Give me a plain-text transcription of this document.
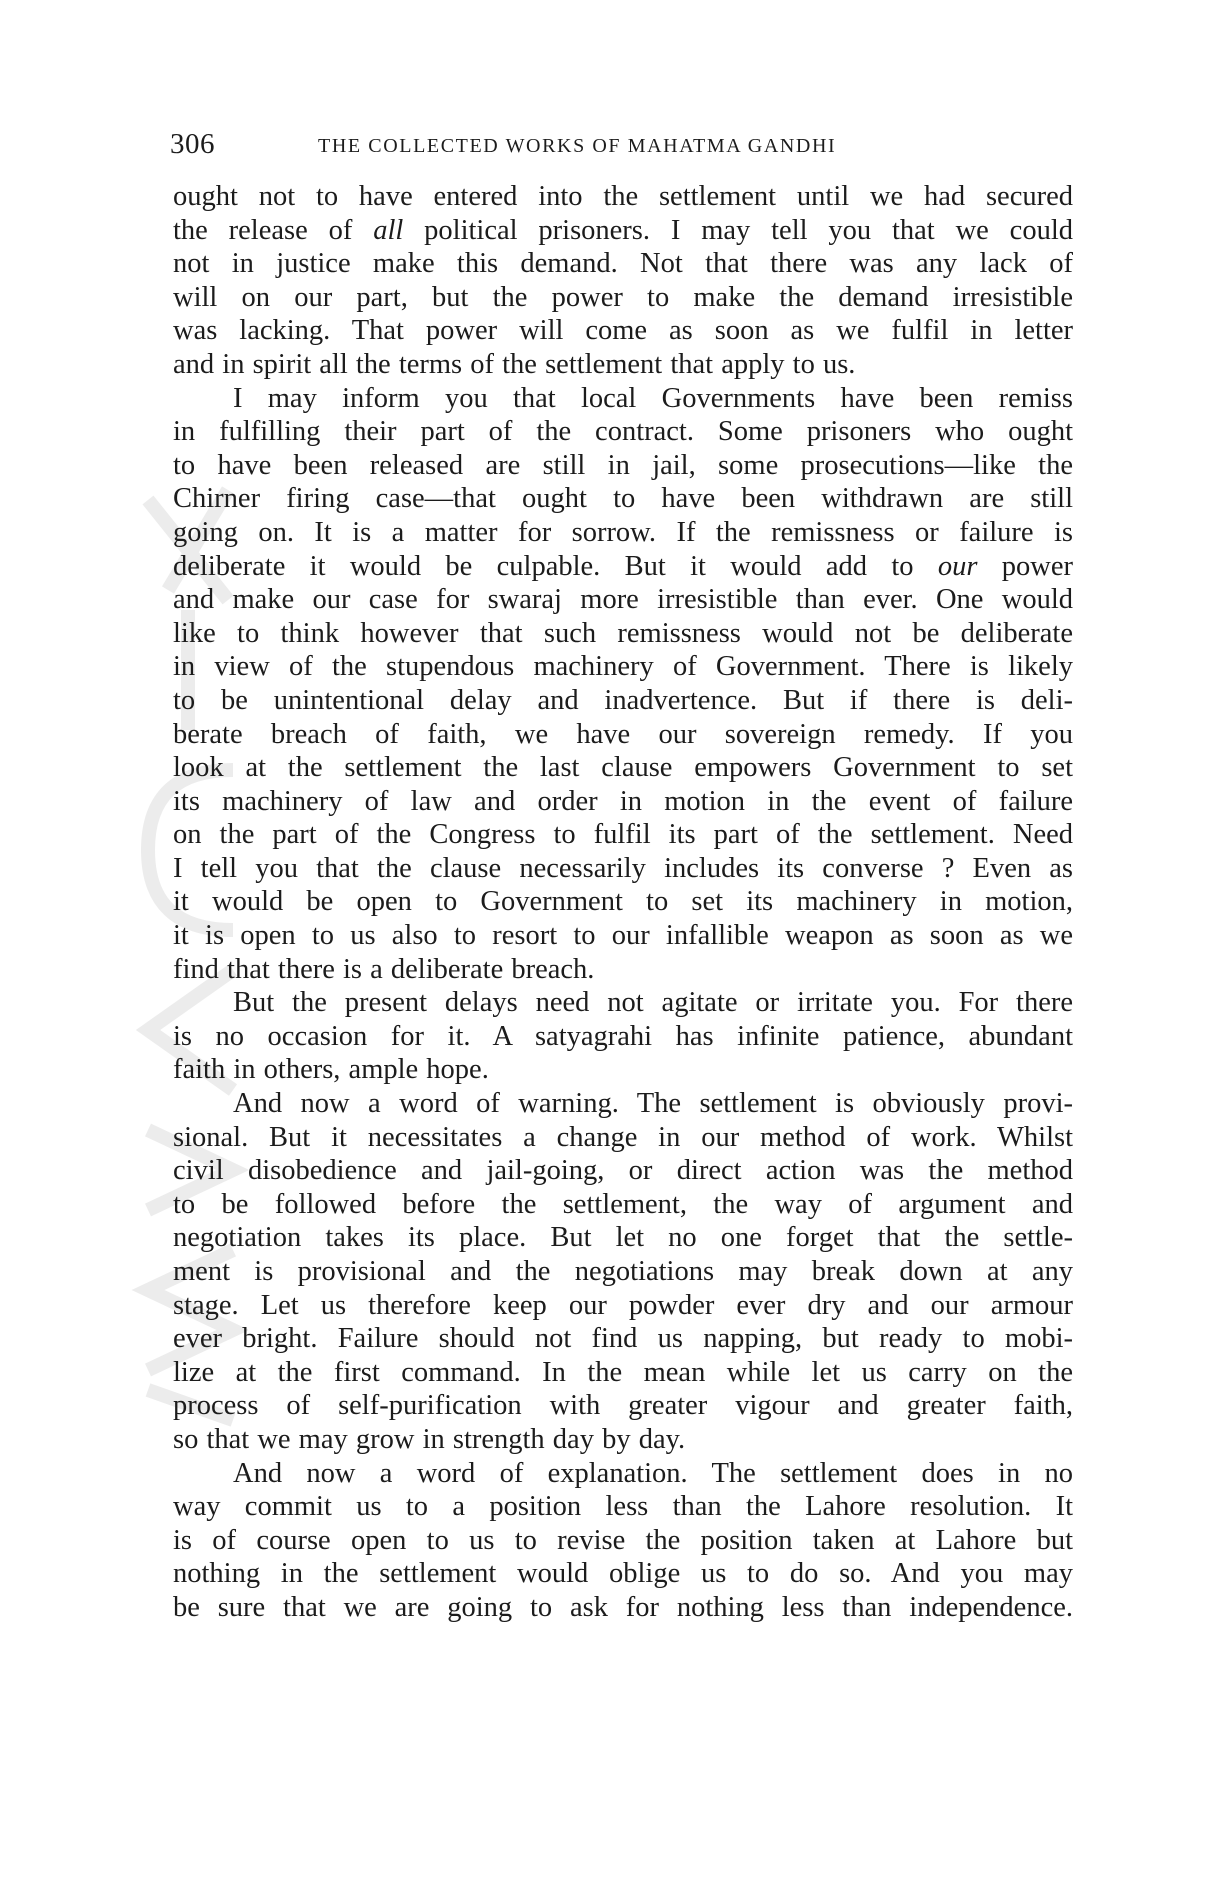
306	THE COLLECTED WORKS OF MAHATMA GANDHI

ought not to have entered into the settlement until we had secured
the release of all political prisoners. I may tell you that we could
not in justice make this demand. Not that there was any lack of
will on our part, but the power to make the demand irresistible
was lacking. That power will come as soon as we fulfil in letter
and in spirit all the terms of the settlement that apply to us.

I may inform you that local Governments have been remiss
in fulfilling their part of the contract. Some prisoners who ought
to have been released are still in jail, some prosecutions—like the
Chirner firing case—that ought to have been withdrawn are still
going on. It is a matter for sorrow. If the remissness or failure is
deliberate it would be culpable. But it would add to our power
and make our case for swaraj more irresistible than ever. One would
like to think however that such remissness would not be deliberate
in view of the stupendous machinery of Government. There is likely
to be unintentional delay and inadvertence. But if there is deli-
berate breach of faith, we have our sovereign remedy. If you
look at the settlement the last clause empowers Government to set
its machinery of law and order in motion in the event of failure
on the part of the Congress to fulfil its part of the settlement. Need
I tell you that the clause necessarily includes its converse ? Even as
it would be open to Government to set its machinery in motion,
it is open to us also to resort to our infallible weapon as soon as we
find that there is a deliberate breach.

But the present delays need not agitate or irritate you. For there
is no occasion for it. A satyagrahi has infinite patience, abundant
faith in others, ample hope.

And now a word of warning. The settlement is obviously provi-
sional. But it necessitates a change in our method of work. Whilst
civil disobedience and jail-going, or direct action was the method
to be followed before the settlement, the way of argument and
negotiation takes its place. But let no one forget that the settle-
ment is provisional and the negotiations may break down at any
stage. Let us therefore keep our powder ever dry and our armour
ever bright. Failure should not find us napping, but ready to mobi-
lize at the first command. In the mean while let us carry on the
process of self-purification with greater vigour and greater faith,
so that we may grow in strength day by day.

And now a word of explanation. The settlement does in no
way commit us to a position less than the Lahore resolution. It
is of course open to us to revise the position taken at Lahore but
nothing in the settlement would oblige us to do so. And you may
be sure that we are going to ask for nothing less than independence.
